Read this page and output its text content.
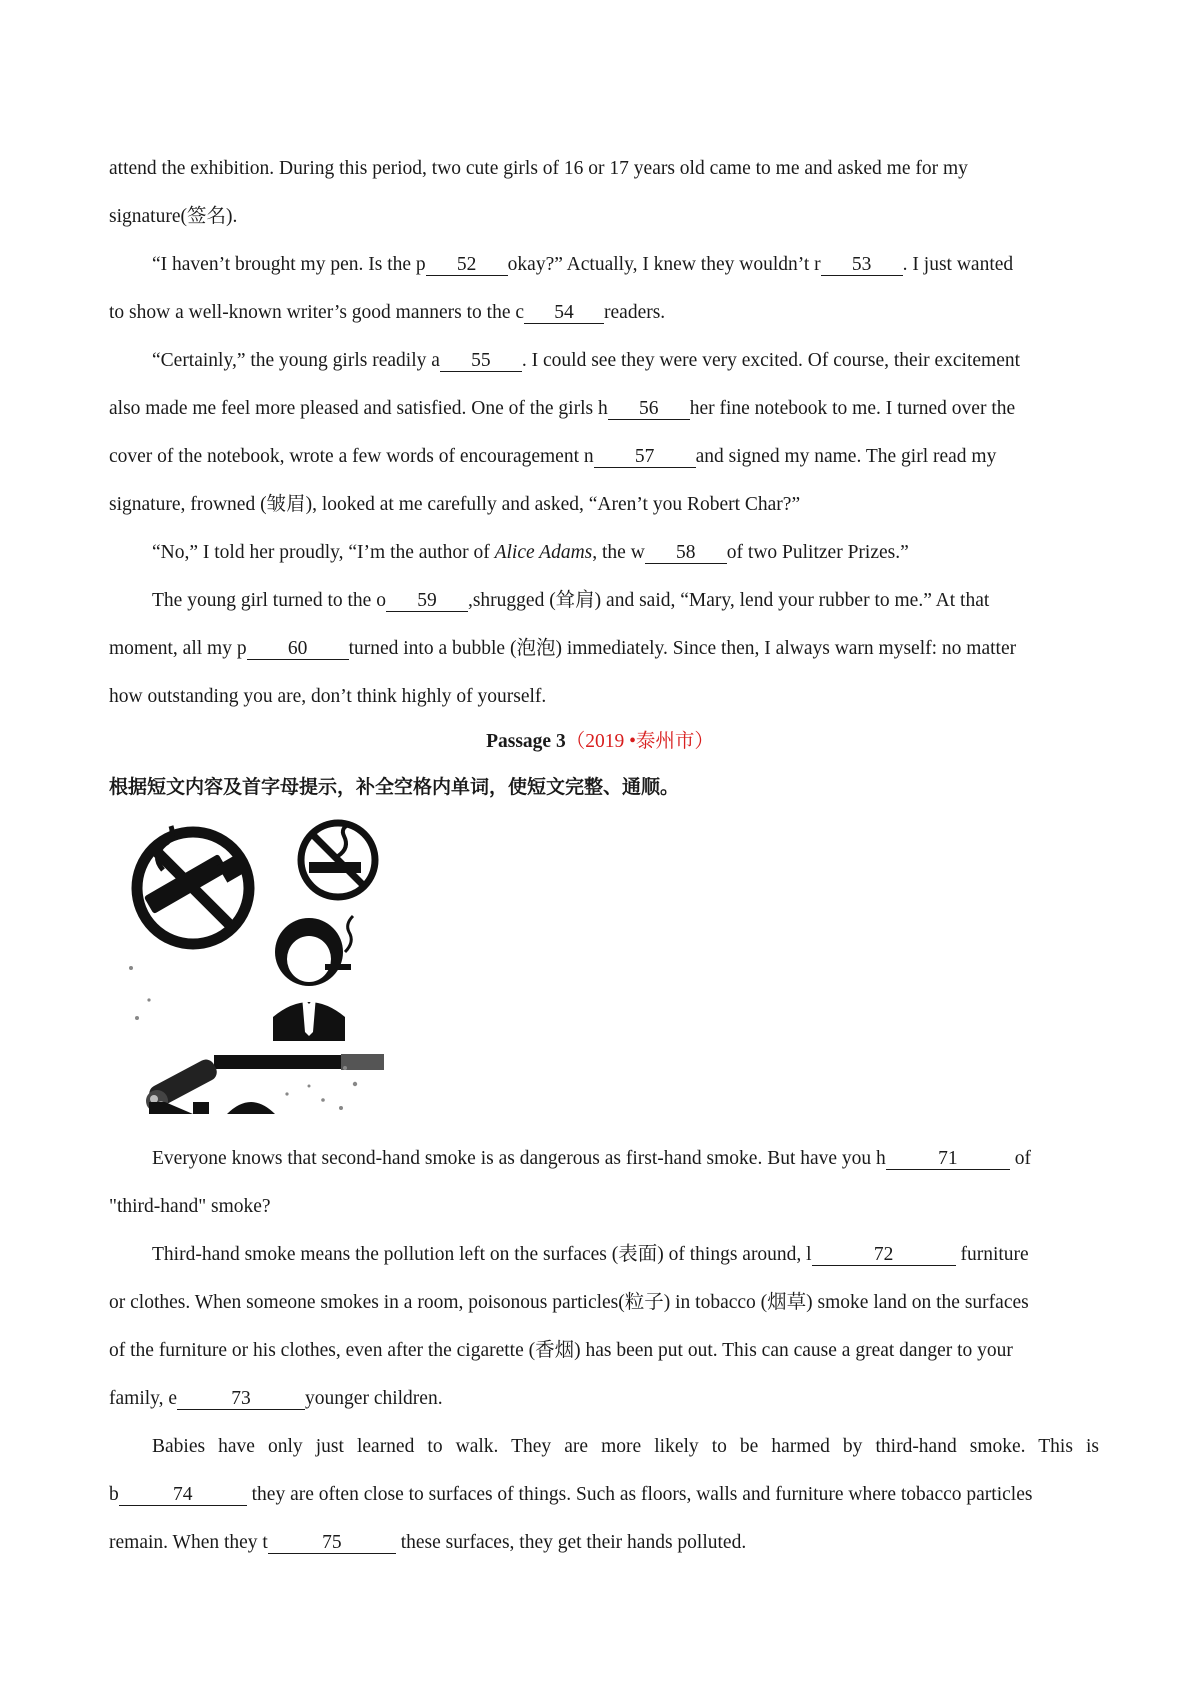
attend the exhibition. During this period, two cute girls of 16 or 17 years old came to me and asked me for my
signature(签名).
“I haven’t brought my pen. Is the p 52 okay?” Actually, I knew they wouldn’t r 53 . I just wanted
to show a well-known writer’s good manners to the c 54 readers.
“Certainly,” the young girls readily a 55 . I could see they were very excited. Of course, their excitement
also made me feel more pleased and satisfied. One of the girls h 56 her fine notebook to me. I turned over the
cover of the notebook, wrote a few words of encouragement n 57 and signed my name. The girl read my
signature, frowned (皱眉), looked at me carefully and asked, “Aren’t you Robert Char?”
“No,” I told her proudly, “I’m the author of Alice Adams, the w 58 of two Pulitzer Prizes.”
The young girl turned to the o 59 ,shrugged (耸肩) and said, “Mary, lend your rubber to me.” At that
moment, all my p 60 turned into a bubble (泡泡) immediately. Since then, I always warn myself: no matter
how outstanding you are, don’t think highly of yourself.
Passage 3（2019 •泰州市）
根据短文内容及首字母提示，补全空格内单词，使短文完整、通顺。
Everyone knows that second-hand smoke is as dangerous as first-hand smoke. But have you h	71	of
"third-hand" smoke?
Third-hand smoke means the pollution left on the surfaces (表面) of things around, l	72	furniture
or clothes. When someone smokes in a room, poisonous particles(粒子) in tobacco (烟草) smoke land on the surfaces
of the furniture or his clothes, even after the cigarette (香烟) has been put out. This can cause a great danger to your
family, e	73	younger children.
Babies have only just learned to walk. They are more likely to be harmed by third-hand smoke. This is
b	74	they are often close to surfaces of things. Such as floors, walls and furniture where tobacco particles
remain. When they t	75	these surfaces, they get their hands polluted.
